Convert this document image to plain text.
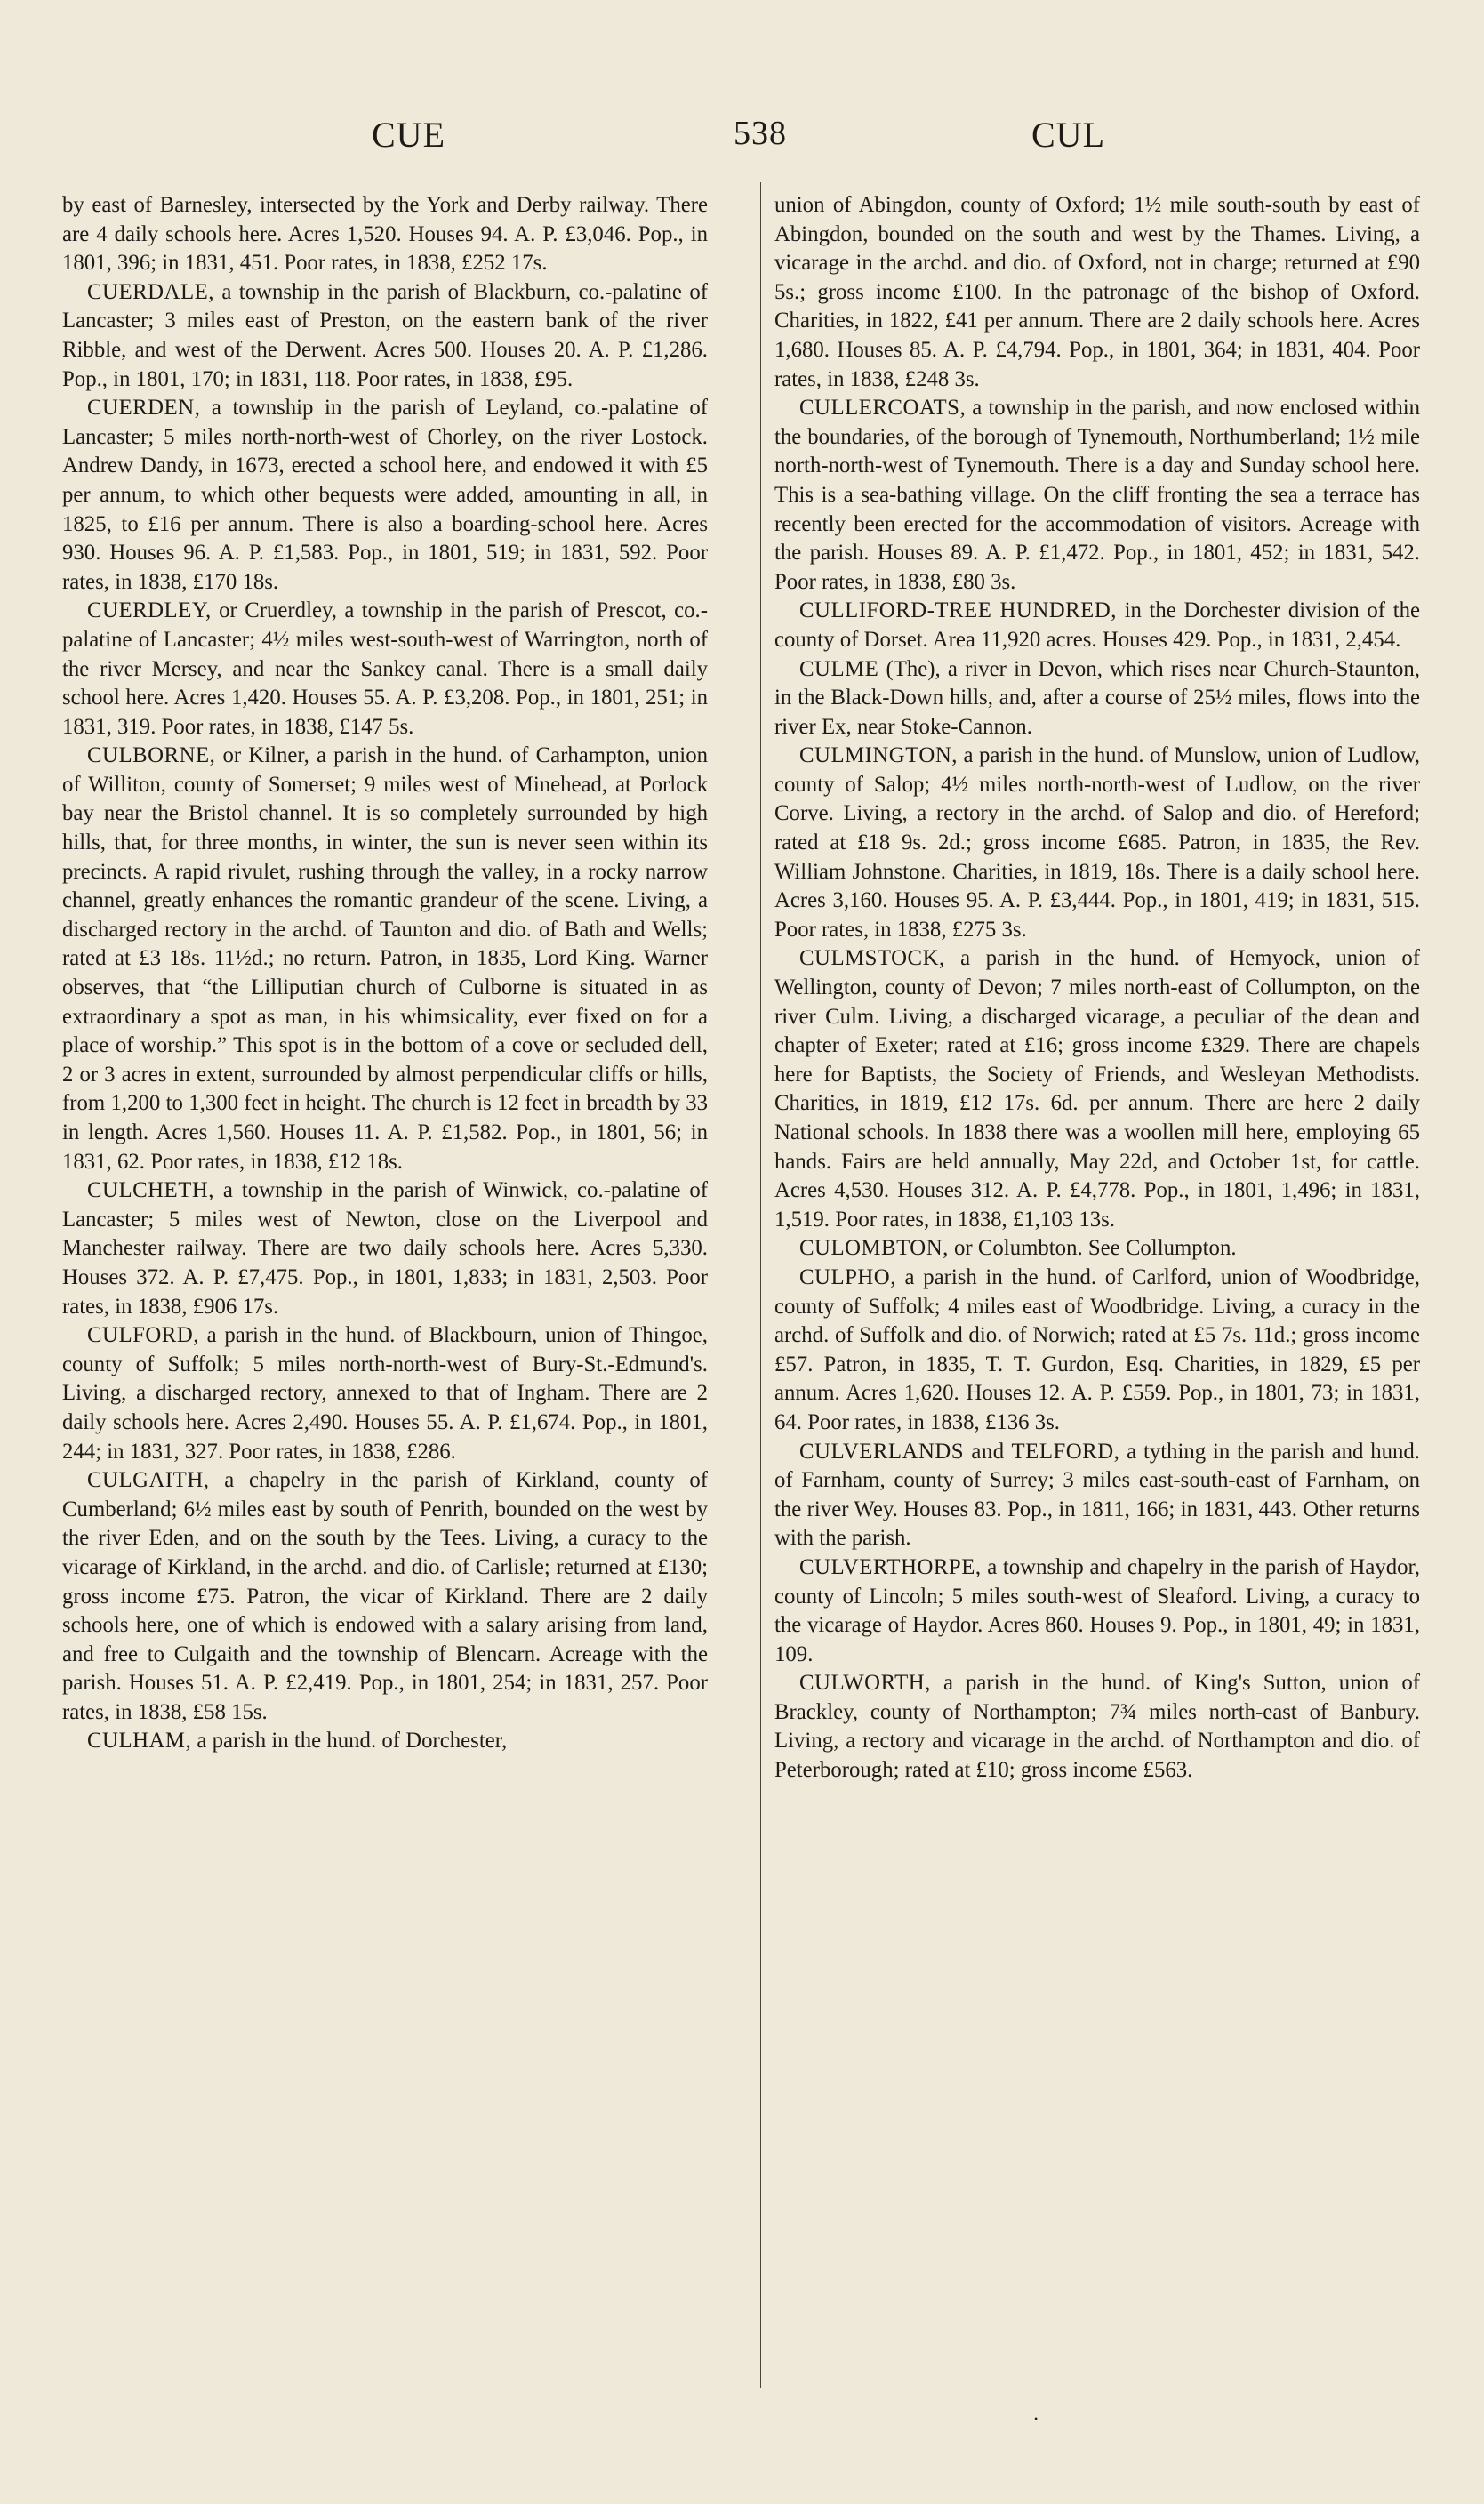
CUE	538	CUL

by east of Barnesley, intersected by the York and Derby railway. There are 4 daily schools here. Acres 1,520. Houses 94. A. P. £3,046. Pop., in 1801, 396; in 1831, 451. Poor rates, in 1838, £252 17s.

CUERDALE, a township in the parish of Blackburn, co.-palatine of Lancaster; 3 miles east of Preston, on the eastern bank of the river Ribble, and west of the Derwent. Acres 500. Houses 20. A. P. £1,286. Pop., in 1801, 170; in 1831, 118. Poor rates, in 1838, £95.

CUERDEN, a township in the parish of Leyland, co.-palatine of Lancaster; 5 miles north-north-west of Chorley, on the river Lostock. Andrew Dandy, in 1673, erected a school here, and endowed it with £5 per annum, to which other bequests were added, amounting in all, in 1825, to £16 per annum. There is also a boarding-school here. Acres 930. Houses 96. A. P. £1,583. Pop., in 1801, 519; in 1831, 592. Poor rates, in 1838, £170 18s.

CUERDLEY, or Cruerdley, a township in the parish of Prescot, co.-palatine of Lancaster; 4½ miles west-south-west of Warrington, north of the river Mersey, and near the Sankey canal. There is a small daily school here. Acres 1,420. Houses 55. A. P. £3,208. Pop., in 1801, 251; in 1831, 319. Poor rates, in 1838, £147 5s.

CULBORNE, or Kilner, a parish in the hund. of Carhampton, union of Williton, county of Somerset; 9 miles west of Minehead, at Porlock bay near the Bristol channel. It is so completely surrounded by high hills, that, for three months, in winter, the sun is never seen within its precincts. A rapid rivulet, rushing through the valley, in a rocky narrow channel, greatly enhances the romantic grandeur of the scene. Living, a discharged rectory in the archd. of Taunton and dio. of Bath and Wells; rated at £3 18s. 11½d.; no return. Patron, in 1835, Lord King. Warner observes, that “the Lilliputian church of Culborne is situated in as extraordinary a spot as man, in his whimsicality, ever fixed on for a place of worship.” This spot is in the bottom of a cove or secluded dell, 2 or 3 acres in extent, surrounded by almost perpendicular cliffs or hills, from 1,200 to 1,300 feet in height. The church is 12 feet in breadth by 33 in length. Acres 1,560. Houses 11. A. P. £1,582. Pop., in 1801, 56; in 1831, 62. Poor rates, in 1838, £12 18s.

CULCHETH, a township in the parish of Winwick, co.-palatine of Lancaster; 5 miles west of Newton, close on the Liverpool and Manchester railway. There are two daily schools here. Acres 5,330. Houses 372. A. P. £7,475. Pop., in 1801, 1,833; in 1831, 2,503. Poor rates, in 1838, £906 17s.

CULFORD, a parish in the hund. of Blackbourn, union of Thingoe, county of Suffolk; 5 miles north-north-west of Bury-St.-Edmund's. Living, a discharged rectory, annexed to that of Ingham. There are 2 daily schools here. Acres 2,490. Houses 55. A. P. £1,674. Pop., in 1801, 244; in 1831, 327. Poor rates, in 1838, £286.

CULGAITH, a chapelry in the parish of Kirkland, county of Cumberland; 6½ miles east by south of Penrith, bounded on the west by the river Eden, and on the south by the Tees. Living, a curacy to the vicarage of Kirkland, in the archd. and dio. of Carlisle; returned at £130; gross income £75. Patron, the vicar of Kirkland. There are 2 daily schools here, one of which is endowed with a salary arising from land, and free to Culgaith and the township of Blencarn. Acreage with the parish. Houses 51. A. P. £2,419. Pop., in 1801, 254; in 1831, 257. Poor rates, in 1838, £58 15s.

CULHAM, a parish in the hund. of Dorchester,

union of Abingdon, county of Oxford; 1½ mile south-south by east of Abingdon, bounded on the south and west by the Thames. Living, a vicarage in the archd. and dio. of Oxford, not in charge; returned at £90 5s.; gross income £100. In the patronage of the bishop of Oxford. Charities, in 1822, £41 per annum. There are 2 daily schools here. Acres 1,680. Houses 85. A. P. £4,794. Pop., in 1801, 364; in 1831, 404. Poor rates, in 1838, £248 3s.

CULLERCOATS, a township in the parish, and now enclosed within the boundaries, of the borough of Tynemouth, Northumberland; 1½ mile north-north-west of Tynemouth. There is a day and Sunday school here. This is a sea-bathing village. On the cliff fronting the sea a terrace has recently been erected for the accommodation of visitors. Acreage with the parish. Houses 89. A. P. £1,472. Pop., in 1801, 452; in 1831, 542. Poor rates, in 1838, £80 3s.

CULLIFORD-TREE HUNDRED, in the Dorchester division of the county of Dorset. Area 11,920 acres. Houses 429. Pop., in 1831, 2,454.

CULME (The), a river in Devon, which rises near Church-Staunton, in the Black-Down hills, and, after a course of 25½ miles, flows into the river Ex, near Stoke-Cannon.

CULMINGTON, a parish in the hund. of Munslow, union of Ludlow, county of Salop; 4½ miles north-north-west of Ludlow, on the river Corve. Living, a rectory in the archd. of Salop and dio. of Hereford; rated at £18 9s. 2d.; gross income £685. Patron, in 1835, the Rev. William Johnstone. Charities, in 1819, 18s. There is a daily school here. Acres 3,160. Houses 95. A. P. £3,444. Pop., in 1801, 419; in 1831, 515. Poor rates, in 1838, £275 3s.

CULMSTOCK, a parish in the hund. of Hemyock, union of Wellington, county of Devon; 7 miles north-east of Collumpton, on the river Culm. Living, a discharged vicarage, a peculiar of the dean and chapter of Exeter; rated at £16; gross income £329. There are chapels here for Baptists, the Society of Friends, and Wesleyan Methodists. Charities, in 1819, £12 17s. 6d. per annum. There are here 2 daily National schools. In 1838 there was a woollen mill here, employing 65 hands. Fairs are held annually, May 22d, and October 1st, for cattle. Acres 4,530. Houses 312. A. P. £4,778. Pop., in 1801, 1,496; in 1831, 1,519. Poor rates, in 1838, £1,103 13s.

CULOMBTON, or Columbton. See Collumpton.

CULPHO, a parish in the hund. of Carlford, union of Woodbridge, county of Suffolk; 4 miles east of Woodbridge. Living, a curacy in the archd. of Suffolk and dio. of Norwich; rated at £5 7s. 11d.; gross income £57. Patron, in 1835, T. T. Gurdon, Esq. Charities, in 1829, £5 per annum. Acres 1,620. Houses 12. A. P. £559. Pop., in 1801, 73; in 1831, 64. Poor rates, in 1838, £136 3s.

CULVERLANDS and TELFORD, a tything in the parish and hund. of Farnham, county of Surrey; 3 miles east-south-east of Farnham, on the river Wey. Houses 83. Pop., in 1811, 166; in 1831, 443. Other returns with the parish.

CULVERTHORPE, a township and chapelry in the parish of Haydor, county of Lincoln; 5 miles south-west of Sleaford. Living, a curacy to the vicarage of Haydor. Acres 860. Houses 9. Pop., in 1801, 49; in 1831, 109.

CULWORTH, a parish in the hund. of King's Sutton, union of Brackley, county of Northampton; 7¾ miles north-east of Banbury. Living, a rectory and vicarage in the archd. of Northampton and dio. of Peterborough; rated at £10; gross income £563.

•
